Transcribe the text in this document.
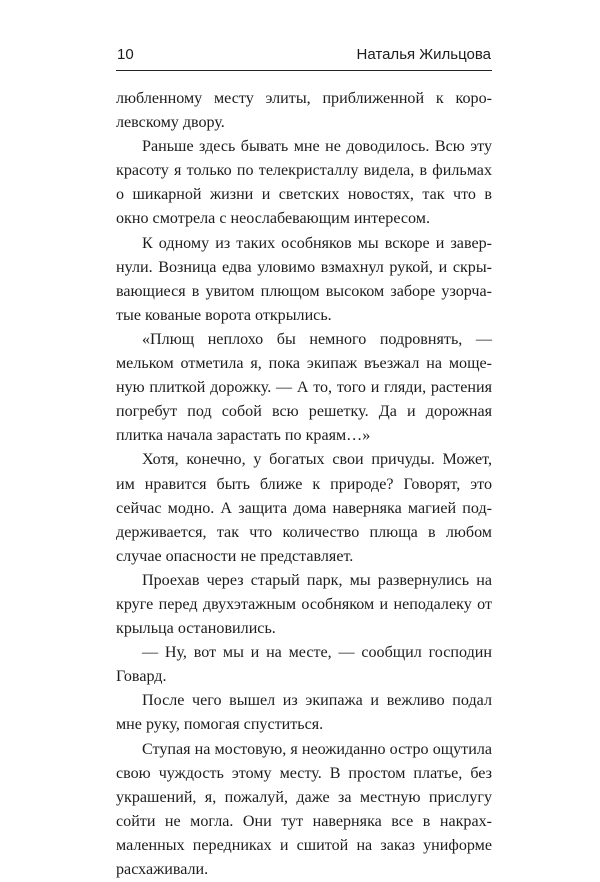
10	Наталья Жильцова

любленному месту элиты, приближенной к королевскому двору.

Раньше здесь бывать мне не доводилось. Всю эту красоту я только по телекристаллу видела, в фильмах о шикарной жизни и светских новостях, так что в окно смотрела с неослабевающим интересом.

К одному из таких особняков мы вскоре и завернули. Возница едва уловимо взмахнул рукой, и скрывающиеся в увитом плющом высоком заборе узорчатые кованые ворота открылись.

«Плющ неплохо бы немного подровнять, — мельком отметила я, пока экипаж въезжал на мощеную плиткой дорожку. — А то, того и гляди, растения погребут под собой всю решетку. Да и дорожная плитка начала зарастать по краям…»

Хотя, конечно, у богатых свои причуды. Может, им нравится быть ближе к природе? Говорят, это сейчас модно. А защита дома наверняка магией поддерживается, так что количество плюща в любом случае опасности не представляет.

Проехав через старый парк, мы развернулись на круге перед двухэтажным особняком и неподалеку от крыльца остановились.

— Ну, вот мы и на месте, — сообщил господин Говард.

После чего вышел из экипажа и вежливо подал мне руку, помогая спуститься.

Ступая на мостовую, я неожиданно остро ощутила свою чуждость этому месту. В простом платье, без украшений, я, пожалуй, даже за местную прислугу сойти не могла. Они тут наверняка все в накрахмаленных передниках и сшитой на заказ униформе расхаживали.
